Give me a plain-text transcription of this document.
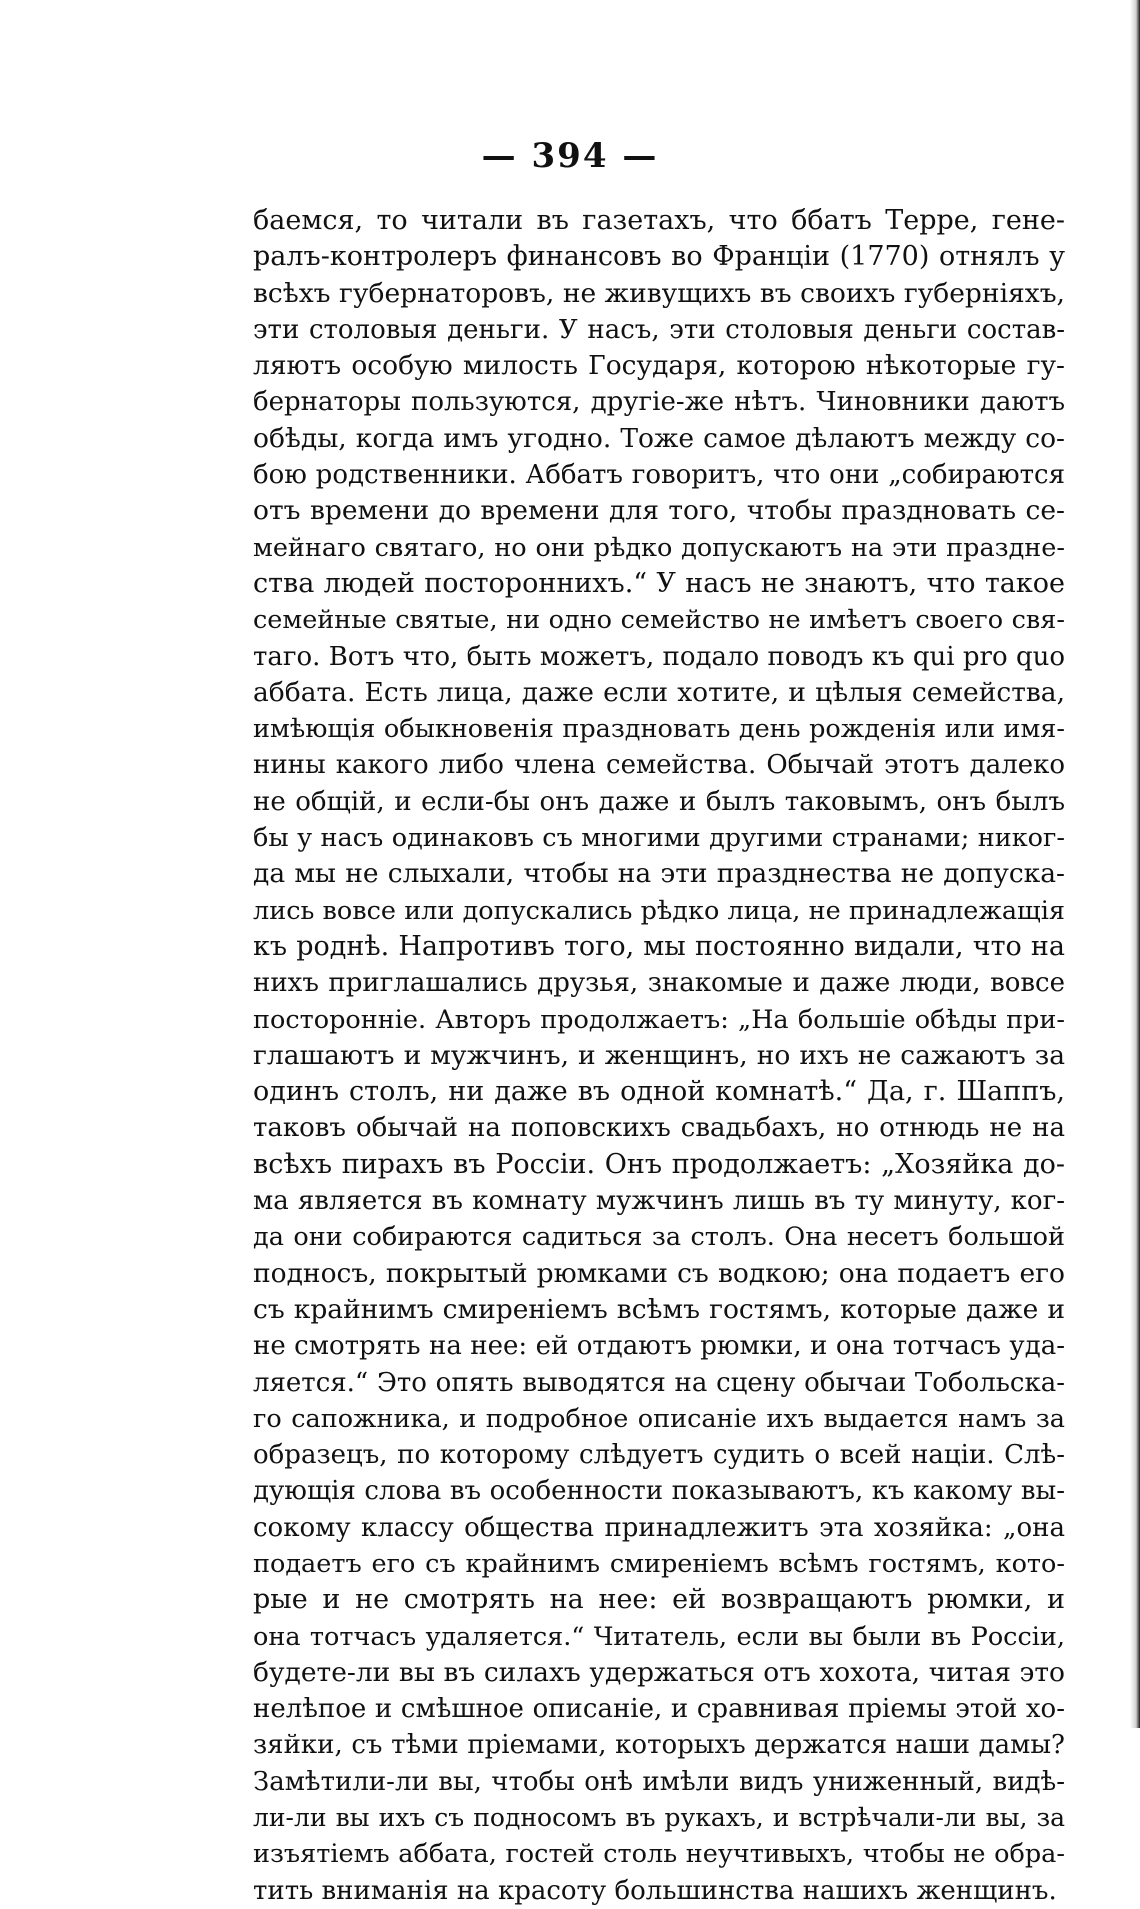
— 394 —
баемся, то читали въ газетахъ, что ббатъ Терре, гене-
ралъ-контролеръ финансовъ во Франціи (1770) отнялъ у
всѣхъ губернаторовъ, не живущихъ въ своихъ губерніяхъ,
эти столовыя деньги. У насъ, эти столовыя деньги состав-
ляютъ особую милость Государя, которою нѣкоторые гу-
бернаторы пользуются, другіе-же нѣтъ. Чиновники даютъ
обѣды, когда имъ угодно. Тоже самое дѣлаютъ между со-
бою родственники. Аббатъ говоритъ, что они „собираются
отъ времени до времени для того, чтобы праздновать се-
мейнаго святаго, но они рѣдко допускаютъ на эти праздне-
ства людей постороннихъ.“ У насъ не знаютъ, что такое
семейные святые, ни одно семейство не имѣетъ своего свя-
таго. Вотъ что, быть можетъ, подало поводъ къ qui pro quo
аббата. Есть лица, даже если хотите, и цѣлыя семейства,
имѣющія обыкновенія праздновать день рожденія или имя-
нины какого либо члена семейства. Обычай этотъ далеко
не общій, и если-бы онъ даже и былъ таковымъ, онъ былъ
бы у насъ одинаковъ съ многими другими странами; никог-
да мы не слыхали, чтобы на эти празднества не допуска-
лись вовсе или допускались рѣдко лица, не принадлежащія
къ роднѣ. Напротивъ того, мы постоянно видали, что на
нихъ приглашались друзья, знакомые и даже люди, вовсе
посторонніе. Авторъ продолжаетъ: „На большіе обѣды при-
глашаютъ и мужчинъ, и женщинъ, но ихъ не сажаютъ за
одинъ столъ, ни даже въ одной комнатѣ.“ Да, г. Шаппъ,
таковъ обычай на поповскихъ свадьбахъ, но отнюдь не на
всѣхъ пирахъ въ Россіи. Онъ продолжаетъ: „Хозяйка до-
ма является въ комнату мужчинъ лишь въ ту минуту, ког-
да они собираются садиться за столъ. Она несетъ большой
подносъ, покрытый рюмками съ водкою; она подаетъ его
съ крайнимъ смиреніемъ всѣмъ гостямъ, которые даже и
не смотрять на нее: ей отдаютъ рюмки, и она тотчасъ уда-
ляется.“ Это опять выводятся на сцену обычаи Тобольска-
го сапожника, и подробное описаніе ихъ выдается намъ за
образецъ, по которому слѣдуетъ судить о всей націи. Слѣ-
дующія слова въ особенности показываютъ, къ какому вы-
сокому классу общества принадлежитъ эта хозяйка: „она
подаетъ его съ крайнимъ смиреніемъ всѣмъ гостямъ, кото-
рые и не смотрять на нее: ей возвращаютъ рюмки, и
она тотчасъ удаляется.“ Читатель, если вы были въ Россіи,
будете-ли вы въ силахъ удержаться отъ хохота, читая это
нелѣпое и смѣшное описаніе, и сравнивая пріемы этой хо-
зяйки, съ тѣми пріемами, которыхъ держатся наши дамы?
Замѣтили-ли вы, чтобы онѣ имѣли видъ униженный, видѣ-
ли-ли вы ихъ съ подносомъ въ рукахъ, и встрѣчали-ли вы, за
изъятіемъ аббата, гостей столь неучтивыхъ, чтобы не обра-
тить вниманія на красоту большинства нашихъ женщинъ.
